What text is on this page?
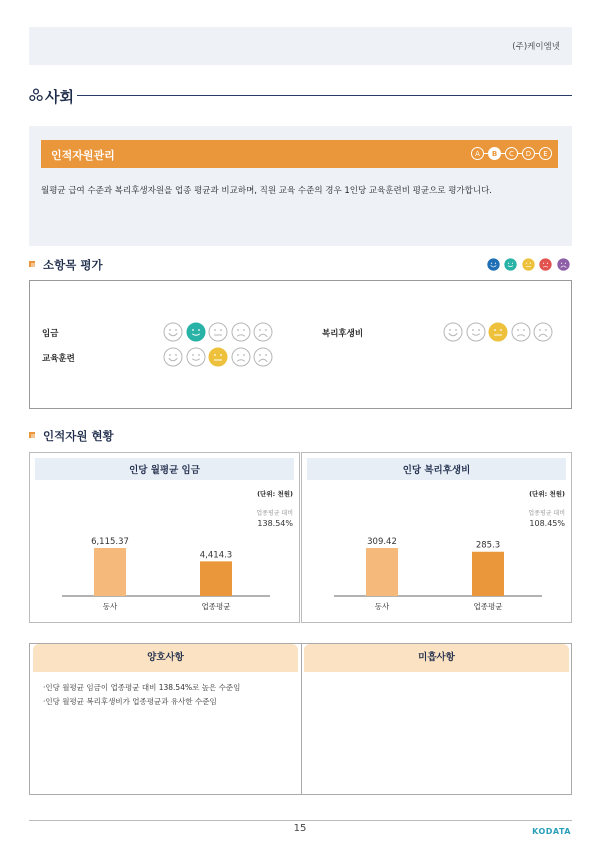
(주)케이엠넷
사회
인적자원관리	A	B	C	D	E
월평균 급여 수준과 복리후생자원을 업종 평균과 비교하며, 직원 교육 수준의 경우 1인당 교육훈련비 평균으로 평가합니다.
소항목 평가
임금	복리후생비
교육훈련
인적자원 현황
인당 월평균 임금
(단위: 천원)
업종평균 대비
138.54%
6,115.37
동사
4,414.3
업종평균
인당 복리후생비
(단위: 천원)
업종평균 대비
108.45%
309.42
동사
285.3
업종평균
양호사항
·인당 월평균 임금이 업종평균 대비 138.54%로 높은 수준임
·인당 월평균 복리후생비가 업종평균과 유사한 수준임
미흡사항
15	KODATA
